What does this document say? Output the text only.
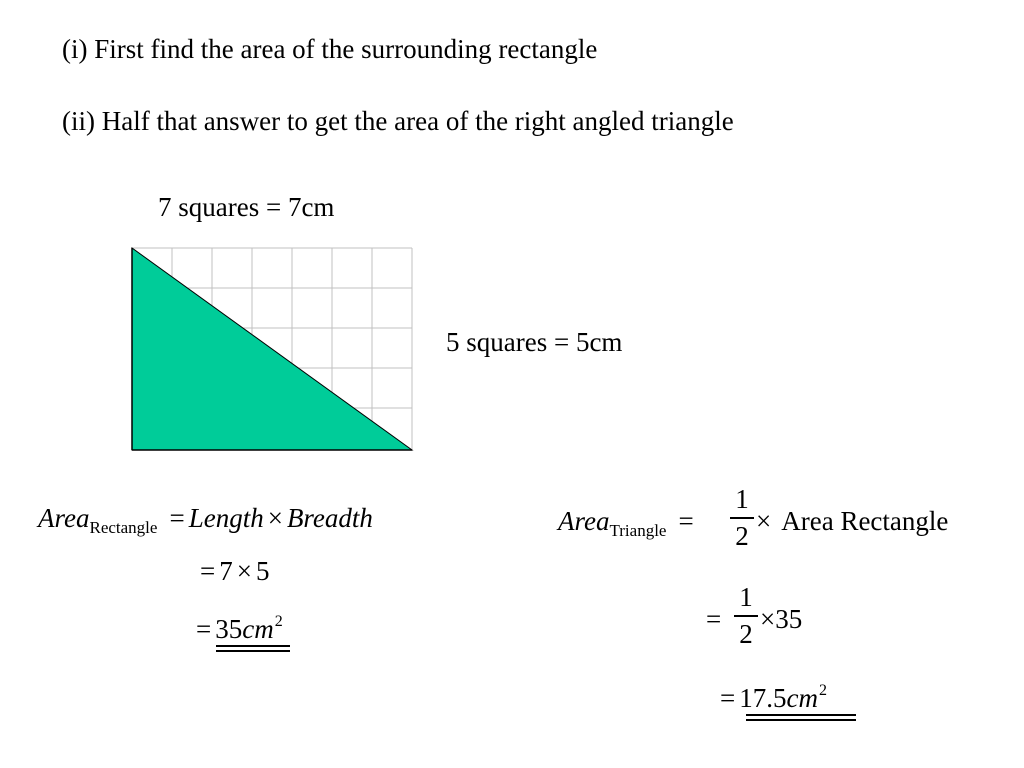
(i) First find the area of the surrounding rectangle
(ii) Half that answer to get the area of the right angled triangle
7 squares = 7cm
5 squares = 5cm
Area$_{Rectangle}$ = Length × Breadth
= 7 × 5
= $35cm^2$
Area$_{Triangle}$ =
1
2 × Area Rectangle
=
1
2 ×35
= $17.5cm^2$
